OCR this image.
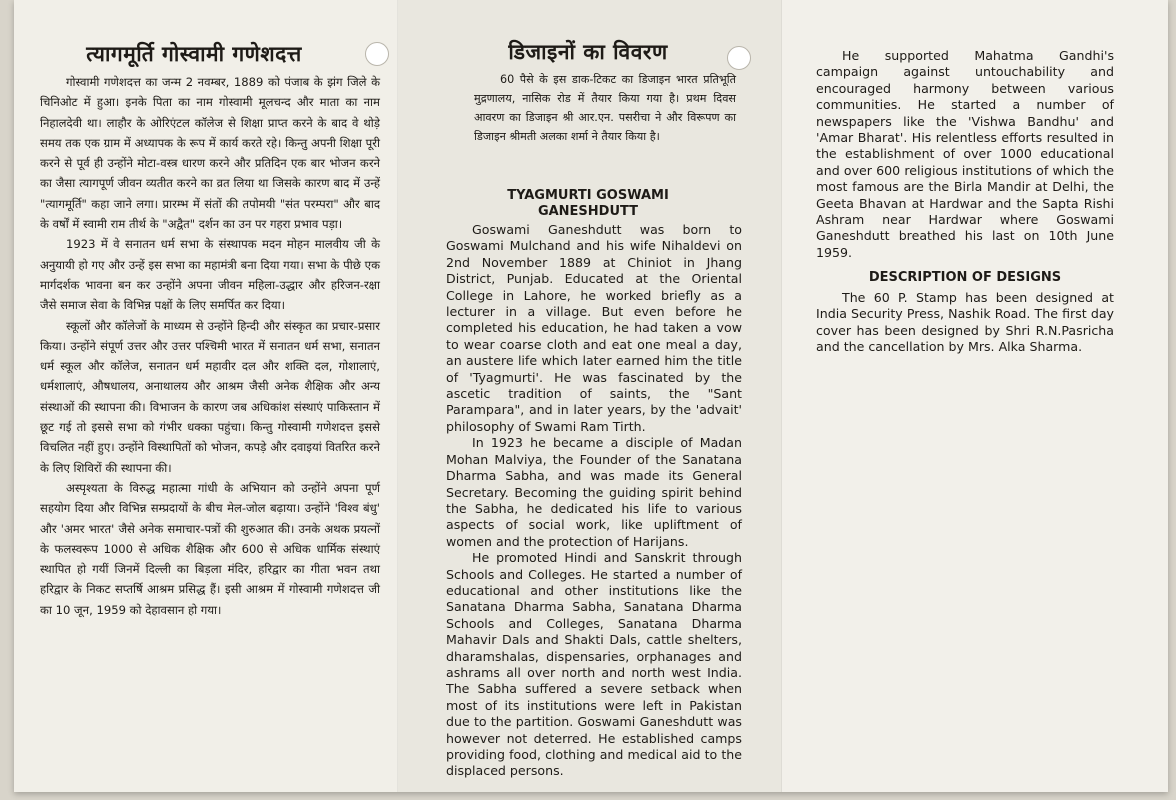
त्यागमूर्ति गोस्वामी गणेशदत्त

गोस्वामी गणेशदत्त का जन्म 2 नवम्बर, 1889 को पंजाब के झंग जिले के चिनिओट में हुआ। इनके पिता का नाम गोस्वामी मूलचन्द और माता का नाम निहालदेवी था। लाहौर के ओरिएंटल कॉलेज से शिक्षा प्राप्त करने के बाद वे थोड़े समय तक एक ग्राम में अध्यापक के रूप में कार्य करते रहे। किन्तु अपनी शिक्षा पूरी करने से पूर्व ही उन्होंने मोटा-वस्त्र धारण करने और प्रतिदिन एक बार भोजन करने का जैसा त्यागपूर्ण जीवन व्यतीत करने का व्रत लिया था जिसके कारण बाद में उन्हें "त्यागमूर्ति" कहा जाने लगा। प्रारम्भ में संतों की तपोमयी "संत परम्परा" और बाद के वर्षों में स्वामी राम तीर्थ के "अद्वैत" दर्शन का उन पर गहरा प्रभाव पड़ा।

1923 में वे सनातन धर्म सभा के संस्थापक मदन मोहन मालवीय जी के अनुयायी हो गए और उन्हें इस सभा का महामंत्री बना दिया गया। सभा के पीछे एक मार्गदर्शक भावना बन कर उन्होंने अपना जीवन महिला-उद्धार और हरिजन-रक्षा जैसे समाज सेवा के विभिन्न पक्षों के लिए समर्पित कर दिया।

स्कूलों और कॉलेजों के माध्यम से उन्होंने हिन्दी और संस्कृत का प्रचार-प्रसार किया। उन्होंने संपूर्ण उत्तर और उत्तर पश्चिमी भारत में सनातन धर्म सभा, सनातन धर्म स्कूल और कॉलेज, सनातन धर्म महावीर दल और शक्ति दल, गोशालाएं, धर्मशालाएं, औषधालय, अनाथालय और आश्रम जैसी अनेक शैक्षिक और अन्य संस्थाओं की स्थापना की। विभाजन के कारण जब अधिकांश संस्थाएं पाकिस्तान में छूट गई तो इससे सभा को गंभीर धक्का पहुंचा। किन्तु गोस्वामी गणेशदत्त इससे विचलित नहीं हुए। उन्होंने विस्थापितों को भोजन, कपड़े और दवाइयां वितरित करने के लिए शिविरों की स्थापना की।

अस्पृश्यता के विरुद्ध महात्मा गांधी के अभियान को उन्होंने अपना पूर्ण सहयोग दिया और विभिन्न सम्प्रदायों के बीच मेल-जोल बढ़ाया। उन्होंने 'विश्व बंधु' और 'अमर भारत' जैसे अनेक समाचार-पत्रों की शुरुआत की। उनके अथक प्रयत्नों के फलस्वरूप 1000 से अधिक शैक्षिक और 600 से अधिक धार्मिक संस्थाएं स्थापित हो गयीं जिनमें दिल्ली का बिड़ला मंदिर, हरिद्वार का गीता भवन तथा हरिद्वार के निकट सप्तर्षि आश्रम प्रसिद्ध हैं। इसी आश्रम में गोस्वामी गणेशदत्त जी का 10 जून, 1959 को देहावसान हो गया।

डिजाइनों का विवरण

60 पैसे के इस डाक-टिकट का डिजाइन भारत प्रतिभूति मुद्रणालय, नासिक रोड में तैयार किया गया है। प्रथम दिवस आवरण का डिजाइन श्री आर.एन. पसरीचा ने और विरूपण का डिजाइन श्रीमती अलका शर्मा ने तैयार किया है।

TYAGMURTI GOSWAMI GANESHDUTT

Goswami Ganeshdutt was born to Goswami Mulchand and his wife Nihaldevi on 2nd November 1889 at Chiniot in Jhang District, Punjab. Educated at the Oriental College in Lahore, he worked briefly as a lecturer in a village. But even before he completed his education, he had taken a vow to wear coarse cloth and eat one meal a day, an austere life which later earned him the title of 'Tyagmurti'. He was fascinated by the ascetic tradition of saints, the "Sant Parampara", and in later years, by the 'advait' philosophy of Swami Ram Tirth.

In 1923 he became a disciple of Madan Mohan Malviya, the Founder of the Sanatana Dharma Sabha, and was made its General Secretary. Becoming the guiding spirit behind the Sabha, he dedicated his life to various aspects of social work, like upliftment of women and the protection of Harijans.

He promoted Hindi and Sanskrit through Schools and Colleges. He started a number of educational and other institutions like the Sanatana Dharma Sabha, Sanatana Dharma Schools and Colleges, Sanatana Dharma Mahavir Dals and Shakti Dals, cattle shelters, dharamshalas, dispensaries, orphanages and ashrams all over north and north west India. The Sabha suffered a severe setback when most of its institutions were left in Pakistan due to the partition. Goswami Ganeshdutt was however not deterred. He established camps providing food, clothing and medical aid to the displaced persons.

He supported Mahatma Gandhi's campaign against untouchability and encouraged harmony between various communities. He started a number of newspapers like the 'Vishwa Bandhu' and 'Amar Bharat'. His relentless efforts resulted in the establishment of over 1000 educational and over 600 religious institutions of which the most famous are the Birla Mandir at Delhi, the Geeta Bhavan at Hardwar and the Sapta Rishi Ashram near Hardwar where Goswami Ganeshdutt breathed his last on 10th June 1959.

DESCRIPTION OF DESIGNS

The 60 P. Stamp has been designed at India Security Press, Nashik Road. The first day cover has been designed by Shri R.N.Pasricha and the cancellation by Mrs. Alka Sharma.
